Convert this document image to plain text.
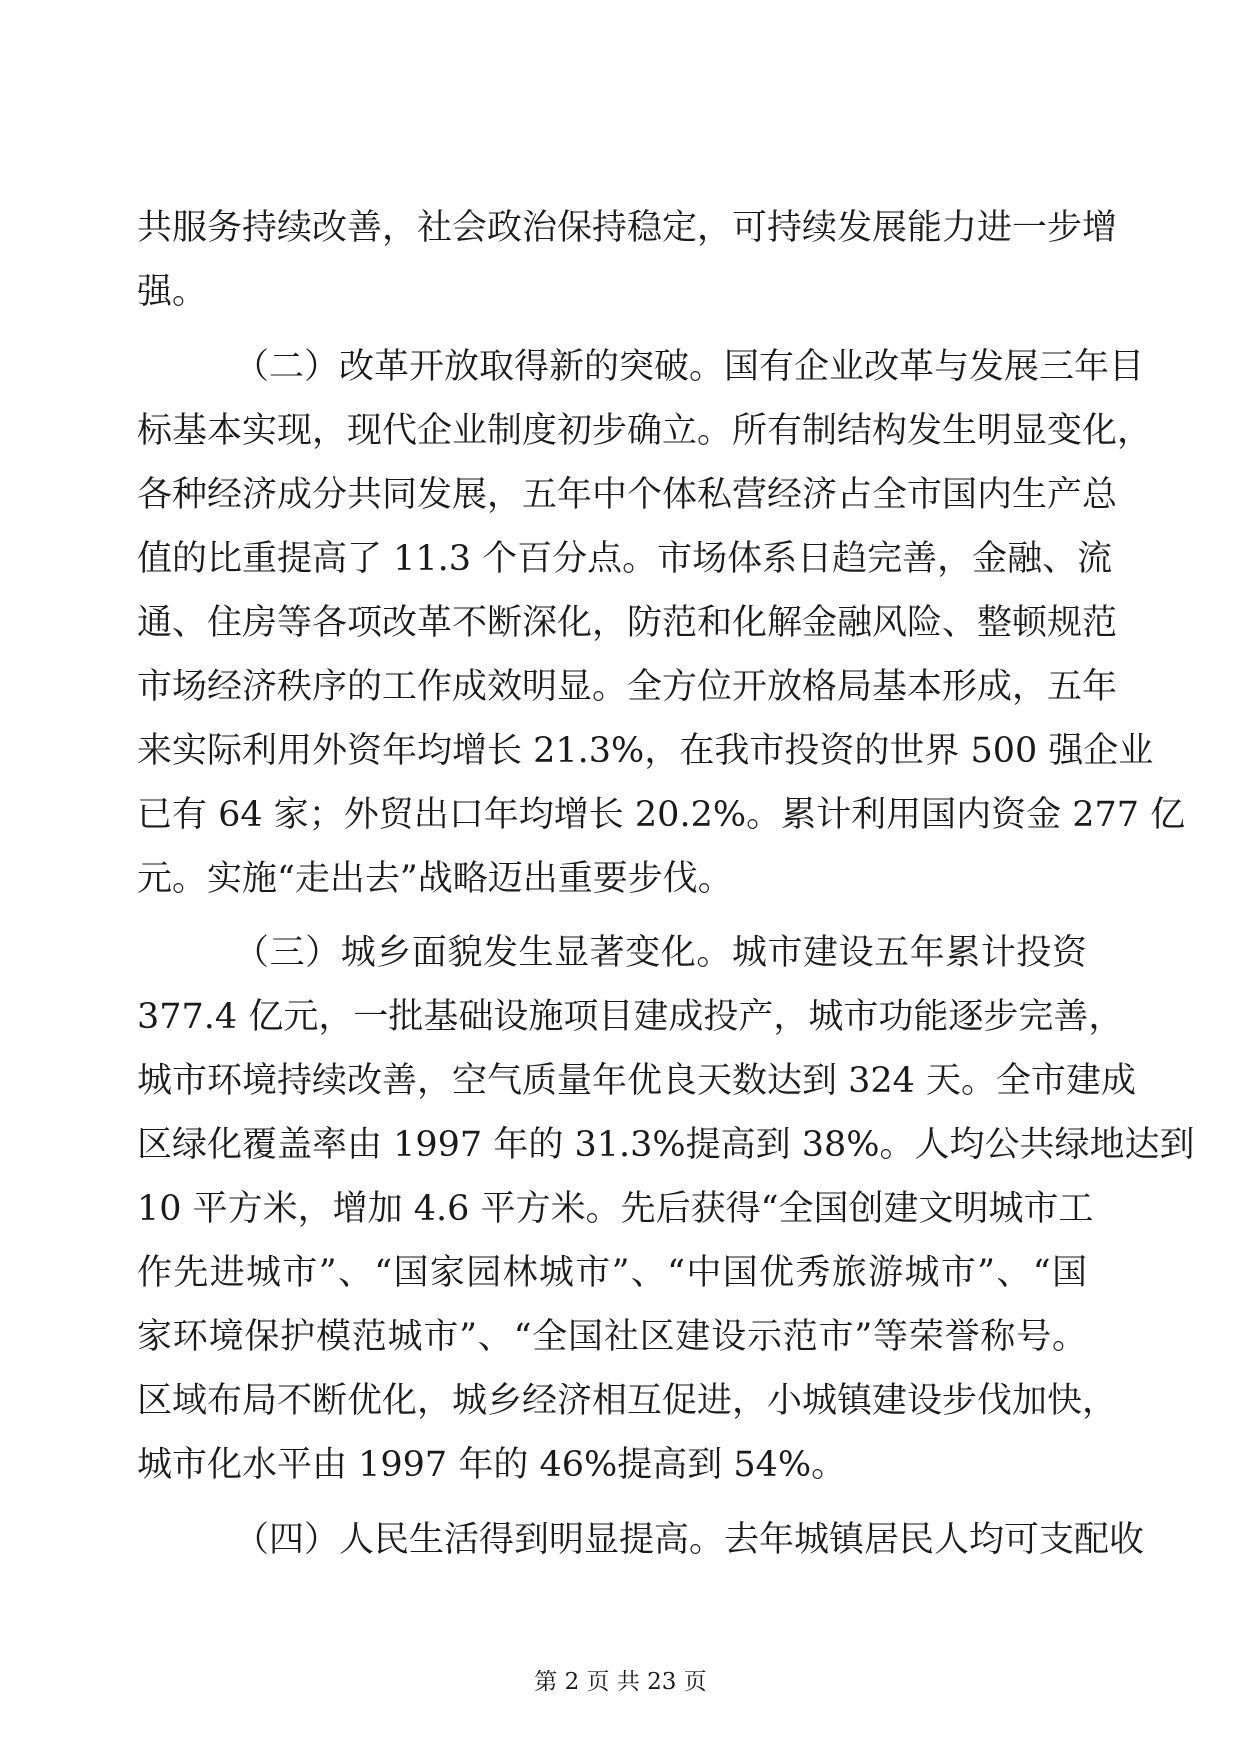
共服务持续改善，社会政治保持稳定，可持续发展能力进一步增
强。
（二）改革开放取得新的突破。国有企业改革与发展三年目
标基本实现，现代企业制度初步确立。所有制结构发生明显变化，
各种经济成分共同发展，五年中个体私营经济占全市国内生产总
值的比重提高了 11.3 个百分点。市场体系日趋完善，金融、流
通、住房等各项改革不断深化，防范和化解金融风险、整顿规范
市场经济秩序的工作成效明显。全方位开放格局基本形成，五年
来实际利用外资年均增长 21.3%，在我市投资的世界 500 强企业
已有 64 家；外贸出口年均增长 20.2%。累计利用国内资金 277 亿
元。实施“走出去”战略迈出重要步伐。
（三）城乡面貌发生显著变化。城市建设五年累计投资
377.4 亿元，一批基础设施项目建成投产，城市功能逐步完善，
城市环境持续改善，空气质量年优良天数达到 324 天。全市建成
区绿化覆盖率由 1997 年的 31.3%提高到 38%。人均公共绿地达到
10 平方米，增加 4.6 平方米。先后获得“全国创建文明城市工
作先进城市”、“国家园林城市”、“中国优秀旅游城市”、“国
家环境保护模范城市”、“全国社区建设示范市”等荣誉称号。
区域布局不断优化，城乡经济相互促进，小城镇建设步伐加快，
城市化水平由 1997 年的 46%提高到 54%。
（四）人民生活得到明显提高。去年城镇居民人均可支配收
第 2 页 共 23 页
